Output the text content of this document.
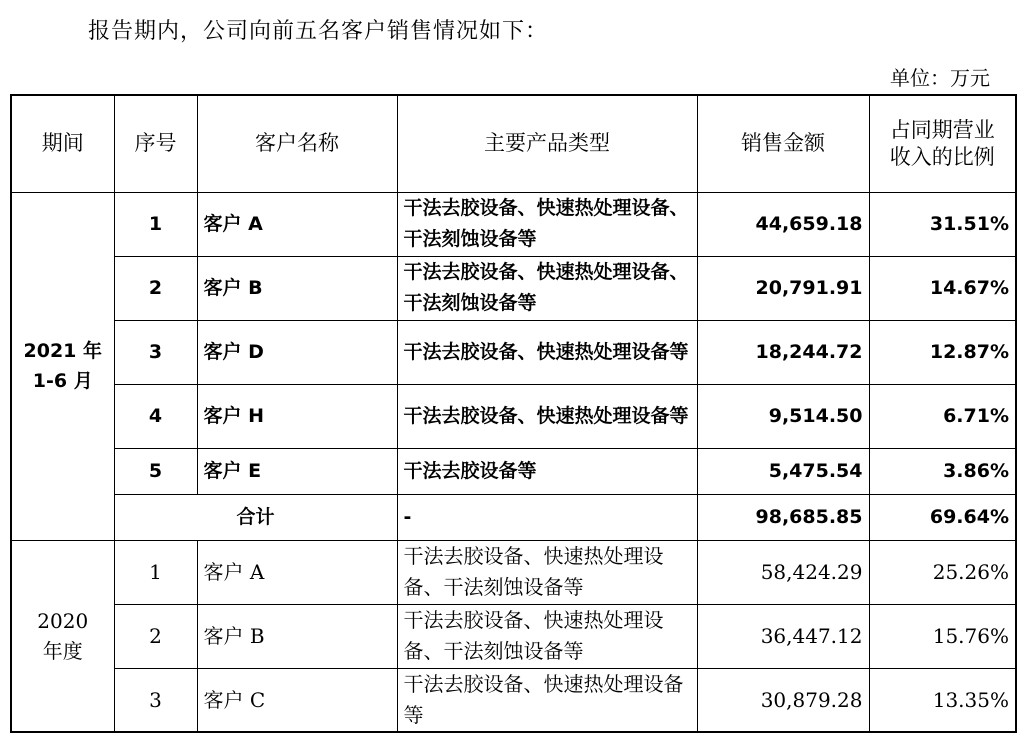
报告期内，公司向前五名客户销售情况如下：
单位：万元
期间	序号	客户名称	主要产品类型	销售金额	占同期营业收入的比例
2021 年 1-6 月	1	客户 A	干法去胶设备、快速热处理设备、干法刻蚀设备等	44,659.18	31.51%
	2	客户 B	干法去胶设备、快速热处理设备、干法刻蚀设备等	20,791.91	14.67%
	3	客户 D	干法去胶设备、快速热处理设备等	18,244.72	12.87%
	4	客户 H	干法去胶设备、快速热处理设备等	9,514.50	6.71%
	5	客户 E	干法去胶设备等	5,475.54	3.86%
	合计		-	98,685.85	69.64%
2020 年度	1	客户 A	干法去胶设备、快速热处理设备、干法刻蚀设备等	58,424.29	25.26%
	2	客户 B	干法去胶设备、快速热处理设备、干法刻蚀设备等	36,447.12	15.76%
	3	客户 C	干法去胶设备、快速热处理设备等	30,879.28	13.35%
